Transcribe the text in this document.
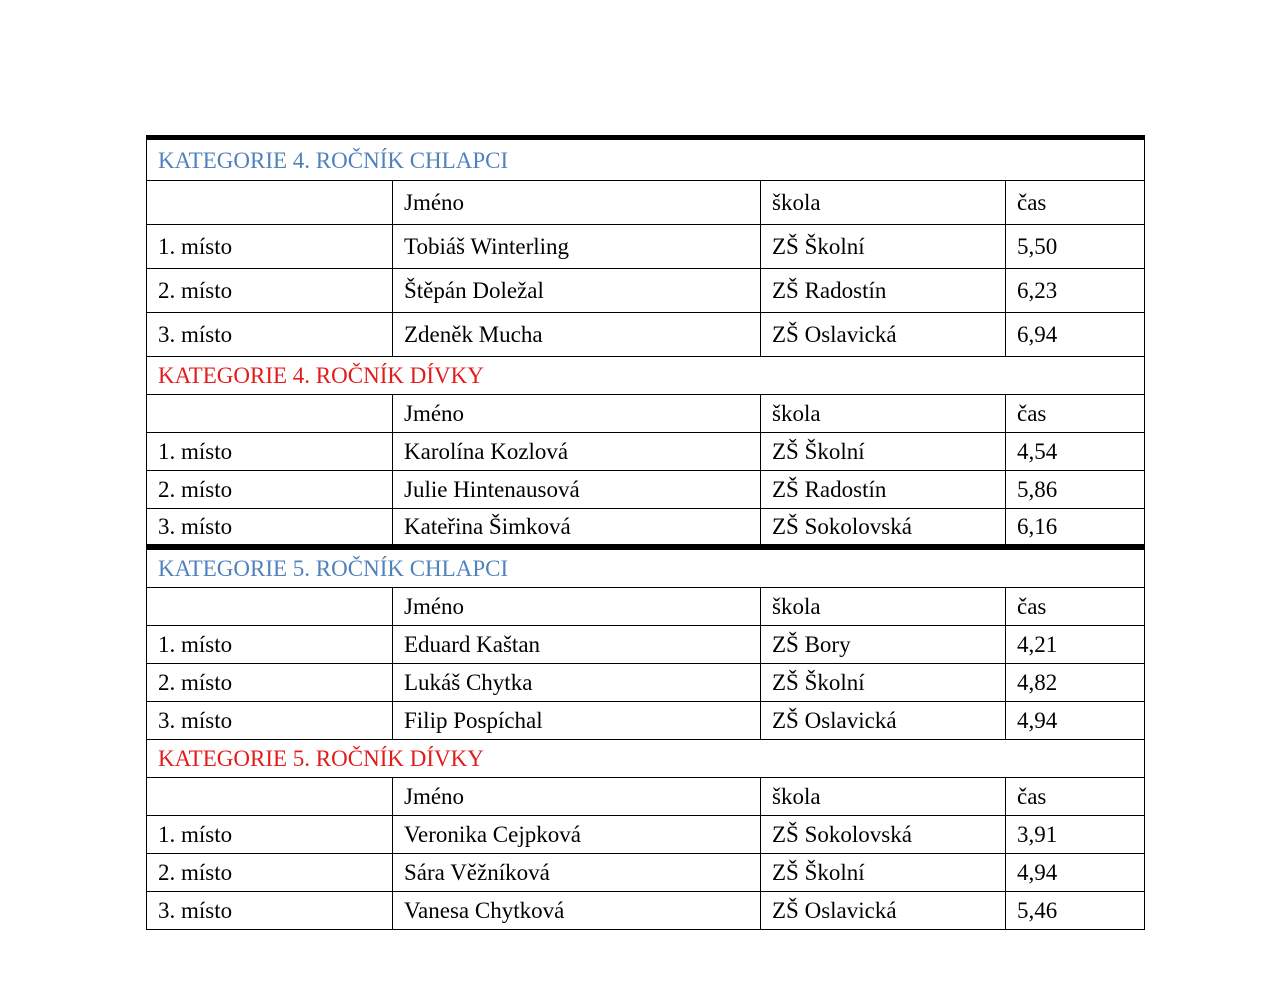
KATEGORIE 4. ROČNÍK CHLAPCI			
	Jméno	škola	čas
1. místo	Tobiáš Winterling	ZŠ Školní	5,50
2. místo	Štěpán Doležal	ZŠ Radostín	6,23
3. místo	Zdeněk Mucha	ZŠ Oslavická	6,94
KATEGORIE 4. ROČNÍK DÍVKY			
	Jméno	škola	čas
1. místo	Karolína Kozlová	ZŠ Školní	4,54
2. místo	Julie Hintenausová	ZŠ Radostín	5,86
3. místo	Kateřina Šimková	ZŠ Sokolovská	6,16
KATEGORIE 5. ROČNÍK CHLAPCI			
	Jméno	škola	čas
1. místo	Eduard Kaštan	ZŠ Bory	4,21
2. místo	Lukáš Chytka	ZŠ Školní	4,82
3. místo	Filip Pospíchal	ZŠ Oslavická	4,94
KATEGORIE 5. ROČNÍK DÍVKY			
	Jméno	škola	čas
1. místo	Veronika Cejpková	ZŠ Sokolovská	3,91
2. místo	Sára Věžníková	ZŠ Školní	4,94
3. místo	Vanesa Chytková	ZŠ Oslavická	5,46
